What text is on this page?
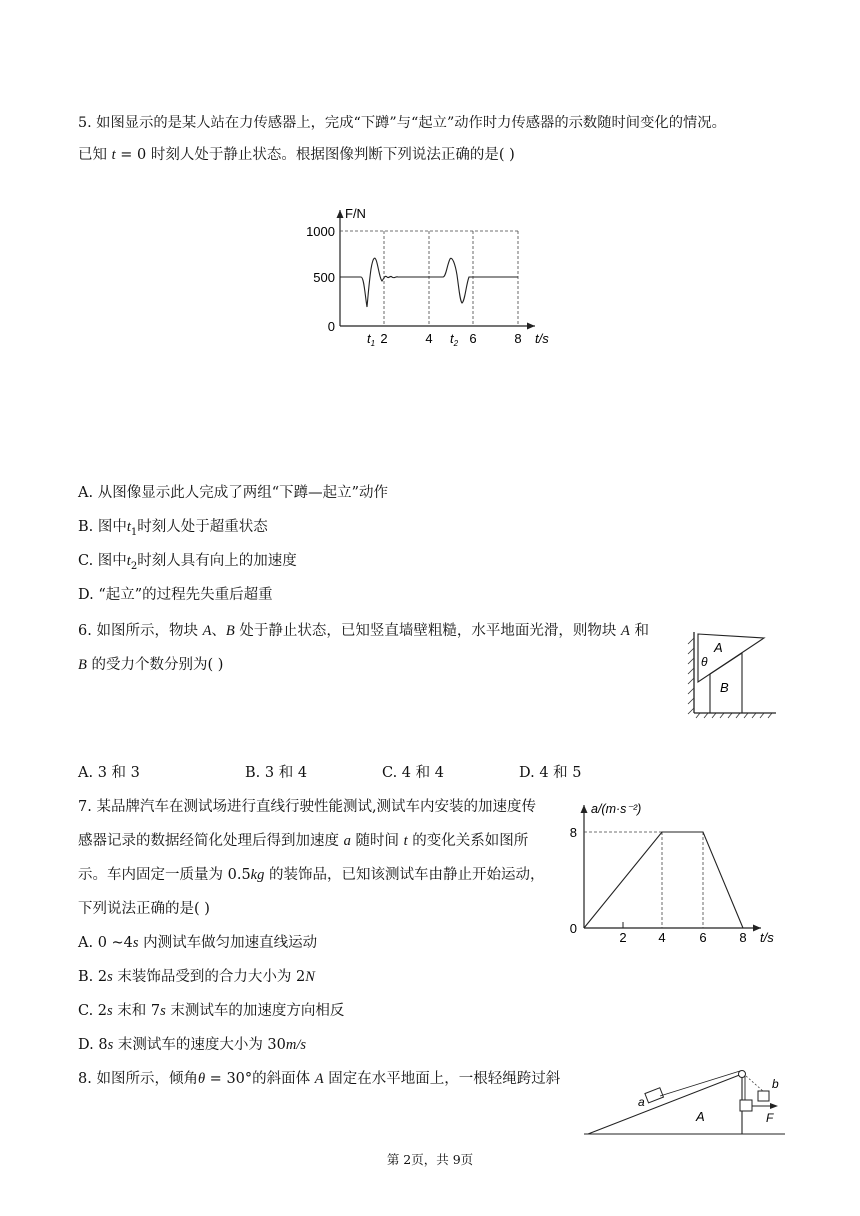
5. 如图显示的是某人站在力传感器上，完成“下蹲”与“起立”动作时力传感器的示数随时间变化的情况。
已知 t = 0 时刻人处于静止状态。根据图像判断下列说法正确的是( )
1000
500
0
F/N
$t_1$ 2	4 $t_2$ 6	8 t/s
A. 从图像显示此人完成了两组“下蹲—起立”动作
B. 图中$t_1$时刻人处于超重状态
C. 图中$t_2$时刻人具有向上的加速度
D. “起立”的过程先失重后超重
6. 如图所示，物块 A、B 处于静止状态，已知竖直墙壁粗糙，水平地面光滑，则物块 A 和
B 的受力个数分别为( )
A
θ
B
A. 3 和 3	B. 3 和 4	C. 4 和 4	D. 4 和 5
7. 某品牌汽车在测试场进行直线行驶性能测试,测试车内安装的加速度传
感器记录的数据经简化处理后得到加速度 a 随时间 t 的变化关系如图所
示。车内固定一质量为 0.5kg 的装饰品，已知该测试车由静止开始运动，
下列说法正确的是( )
A. 0 ~4s 内测试车做匀加速直线运动
B. 2s 末装饰品受到的合力大小为 2N
C. 2s 末和 7s 末测试车的加速度方向相反
D. 8s 末测试车的速度大小为 30m/s
a/(m·s⁻²)
8
0
2 4	6	8 t/s
8. 如图所示，倾角θ = 30°的斜面体 A 固定在水平地面上，一根轻绳跨过斜
a
A
b
F
第 2页，共 9页
